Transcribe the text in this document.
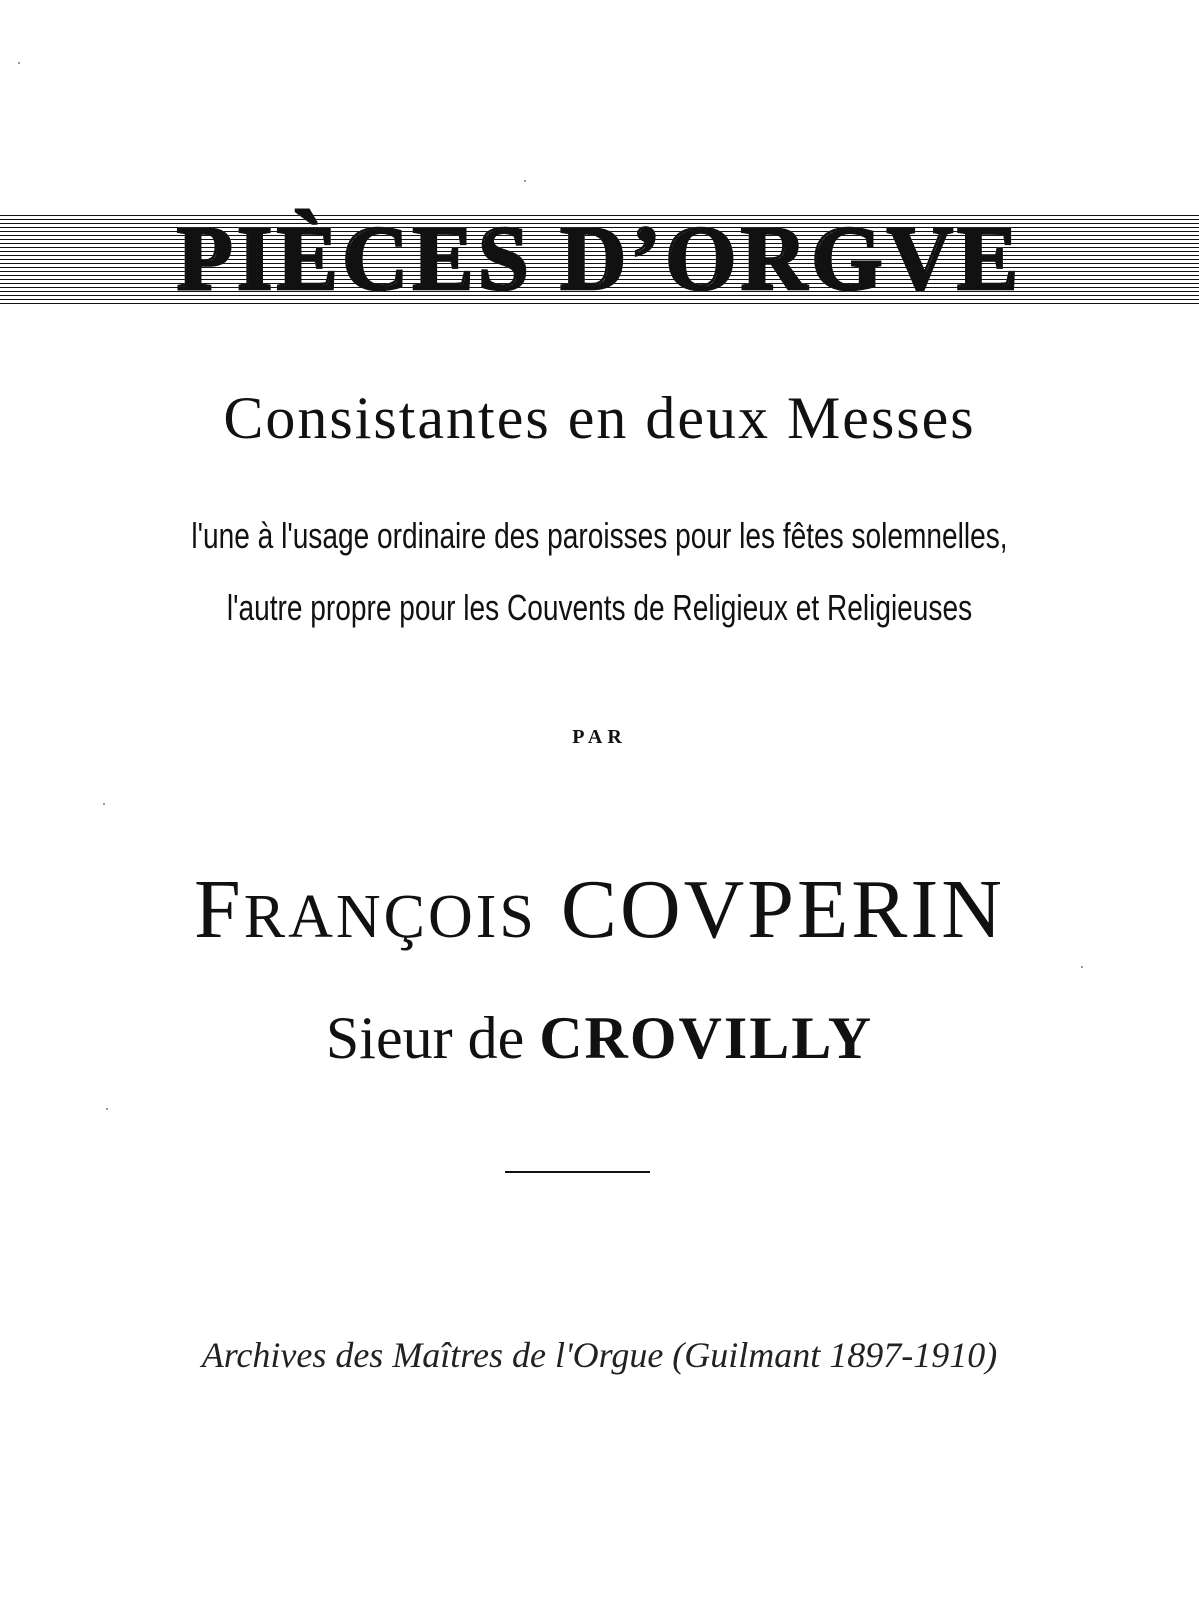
PIÈCES D’ORGVE
Consistantes en deux Messes
l'une à l'usage ordinaire des paroisses pour les fêtes solemnelles,
l'autre propre pour les Couvents de Religieux et Religieuses
PAR
FRANÇOIS COVPERIN
Sieur de CROVILLY
Archives des Maîtres de l'Orgue (Guilmant 1897-1910)
